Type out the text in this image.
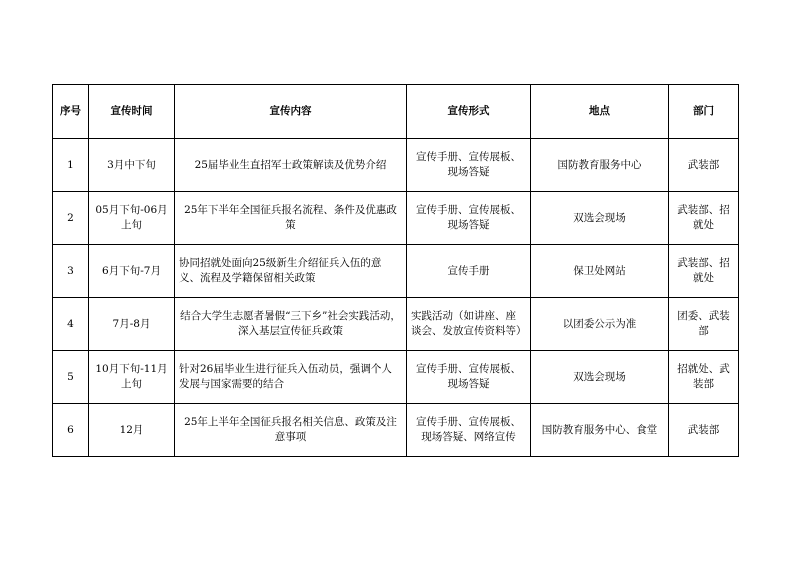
序号	宣传时间	宣传内容	宣传形式	地点	部门
1	3月中下旬	25届毕业生直招军士政策解读及优势介绍	宣传手册、宣传展板、现场答疑	国防教育服务中心	武装部
2	05月下旬-06月上旬	25年下半年全国征兵报名流程、条件及优惠政策	宣传手册、宣传展板、现场答疑	双选会现场	武装部、招就处
3	6月下旬-7月	协同招就处面向25级新生介绍征兵入伍的意义、流程及学籍保留相关政策	宣传手册	保卫处网站	武装部、招就处
4	7月-8月	结合大学生志愿者暑假“三下乡”社会实践活动，深入基层宣传征兵政策	实践活动（如讲座、座谈会、发放宣传资料等）	以团委公示为准	团委、武装部
5	10月下旬-11月上旬	针对26届毕业生进行征兵入伍动员，强调个人发展与国家需要的结合	宣传手册、宣传展板、现场答疑	双选会现场	招就处、武装部
6	12月	25年上半年全国征兵报名相关信息、政策及注意事项	宣传手册、宣传展板、现场答疑、网络宣传	国防教育服务中心、食堂	武装部
